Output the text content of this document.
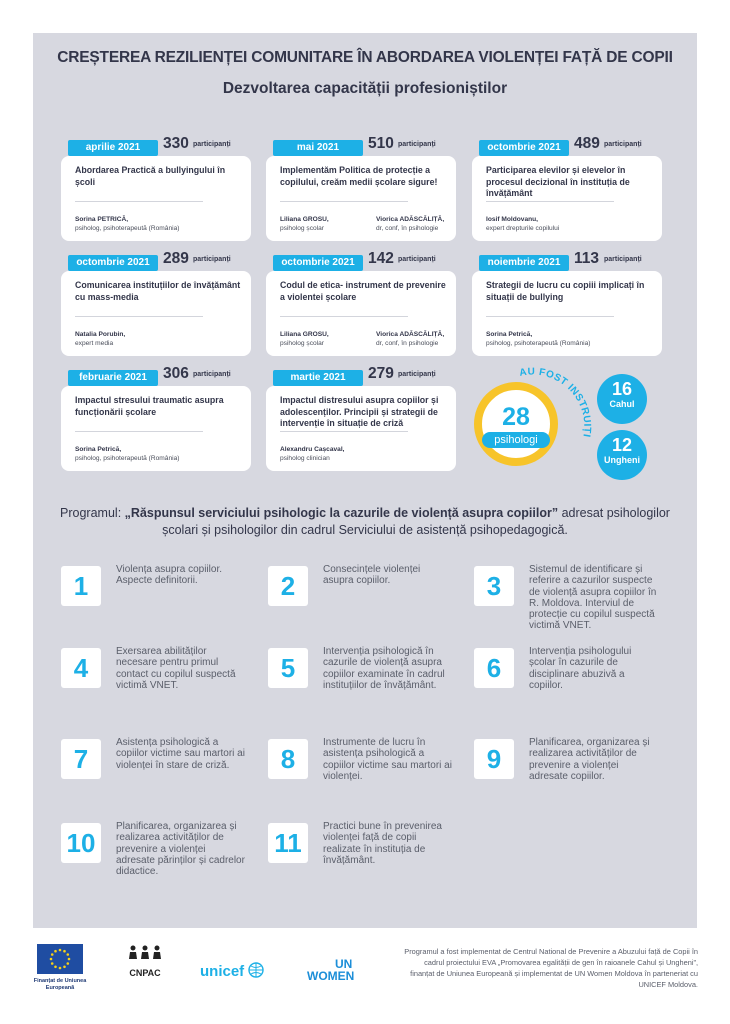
CREȘTEREA REZILIENȚEI COMUNITARE ÎN ABORDAREA VIOLENȚEI FAȚĂ DE COPII
Dezvoltarea capacității profesioniștilor
aprilie 2021	330 participanți
Abordarea Practică a bullyingului în școli
Sorina PETRICĂ,
psiholog, psihoterapeută (România)
mai 2021	510 participanți
Implementăm Politica de protecție a copilului, creăm medii școlare sigure!
Liliana GROSU,
psiholog școlar
Viorica ADĂSCĂLIȚĂ,
dr, conf, în psihologie
octombrie 2021 489 participanți
Participarea elevilor și elevelor în procesul decizional în instituția de învățământ
Iosif Moldovanu,
expert drepturile copilului
octombrie 2021 289 participanți
Comunicarea instituțiilor de învățământ cu mass-media
Natalia Porubin,
expert media
octombrie 2021 142 participanți
Codul de etica- instrument de prevenire a violentei școlare
Liliana GROSU,
psiholog școlar
Viorica ADĂSCĂLIȚĂ,
dr, conf, în psihologie
noiembrie 2021 113 participanți
Strategii de lucru cu copiii implicați în situații de bullying
Sorina Petrică,
psiholog, psihoterapeută (România)
februarie 2021	306 participanți
Impactul stresului traumatic asupra funcționării școlare
Sorina Petrică,
psiholog, psihoterapeută (România)
martie 2021	279 participanți
Impactul distresului asupra copiilor și adolescenților. Principii și strategii de intervenție în situație de criză
Alexandru Cașcaval,
psiholog clinician
AU FOST INSTRUIȚI
28
psihologi
16
Cahul
12
Ungheni
Programul: „Răspunsul serviciului psihologic la cazurile de violență asupra copiilor” adresat psihologilor școlari și psihologilor din cadrul Serviciului de asistență psihopedagogică.
1
Violența asupra copiilor. Aspecte definitorii.	2
Consecințele violenței asupra copiilor.	3
Sistemul de identificare și referire a cazurilor suspecte de violență asupra copiilor în R. Moldova. Interviul de protecție cu copilul suspectă victimă VNET.
4
Exersarea abilităților necesare pentru primul contact cu copilul suspectă victimă VNET.
5
Intervenția psihologică în cazurile de violență asupra copiilor examinate în cadrul instituțiilor de învățământ.
6
Intervenția psihologului școlar în cazurile de disciplinare abuzivă a copiilor.
7
Asistența psihologică a copiilor victime sau martori ai violenței în stare de criză.	8
Instrumente de lucru în asistența psihologică a copiilor victime sau martori ai violenței.
9
Planificarea, organizarea și realizarea activităților de prevenire a violenței adresate copiilor.
10
Planificarea, organizarea și realizarea activităților de prevenire a violenței adresate părinților și cadrelor didactice.
11
Practici bune în prevenirea violenței față de copii realizate în instituția de învățământ.
Finanțat de Uniunea Europeană
CNPAC	unicef	UN
WOMEN
Programul a fost implementat de Centrul National de Prevenire a Abuzului față de Copii în cadrul proiectului EVA „Promovarea egalității de gen în raioanele Cahul și Ungheni”, finanțat de Uniunea Europeană și implementat de UN Women Moldova în parteneriat cu UNICEF Moldova.
